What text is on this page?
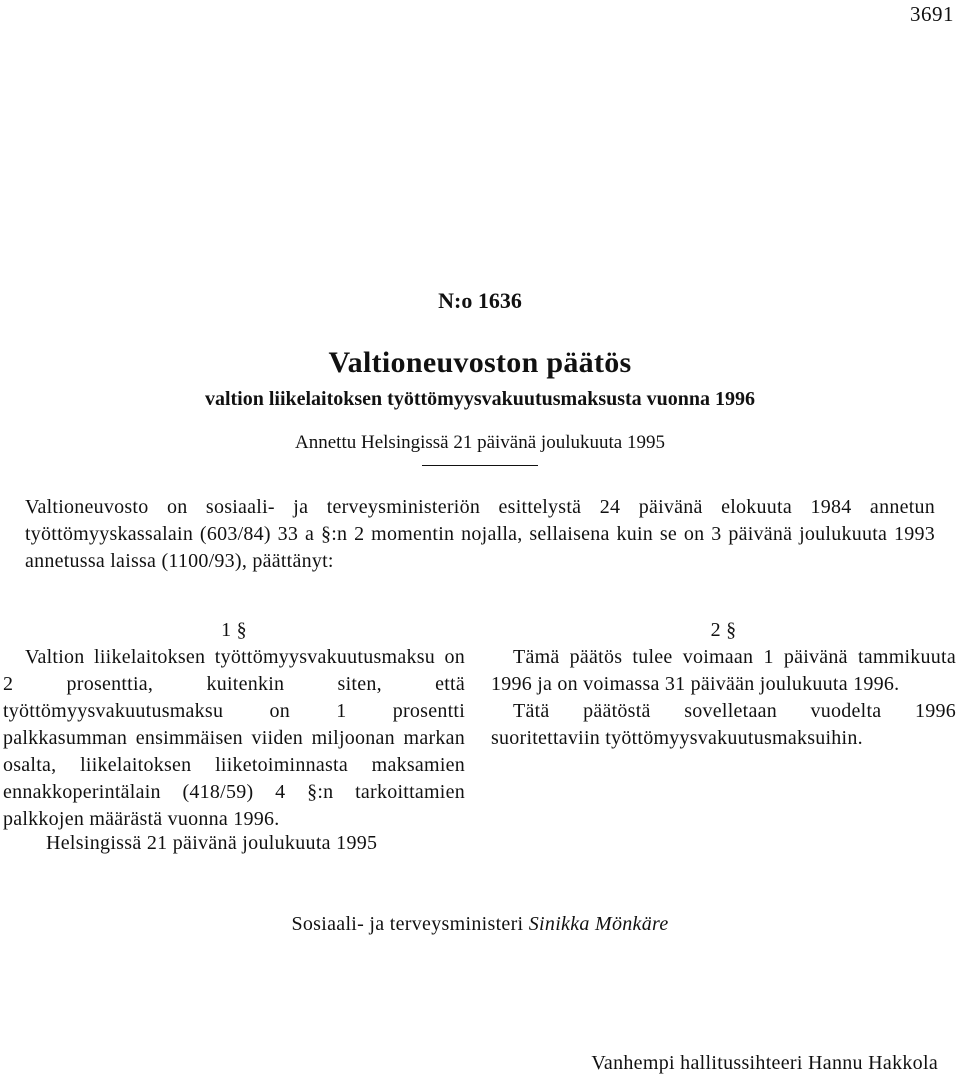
3691
N:o 1636
Valtioneuvoston päätös
valtion liikelaitoksen työttömyysvakuutusmaksusta vuonna 1996
Annettu Helsingissä 21 päivänä joulukuuta 1995
Valtioneuvosto on sosiaali- ja terveysministeriön esittelystä 24 päivänä elokuuta 1984 annetun työttömyyskassalain (603/84) 33 a §:n 2 momentin nojalla, sellaisena kuin se on 3 päivänä joulukuuta 1993 annetussa laissa (1100/93), päättänyt:
1 §

Valtion liikelaitoksen työttömyysvakuutusmaksu on 2 prosenttia, kuitenkin siten, että työttömyysvakuutusmaksu on 1 prosentti palkkasumman ensimmäisen viiden miljoonan markan osalta, liikelaitoksen liiketoiminnasta maksamien ennakkoperintälain (418/59) 4 §:n tarkoittamien palkkojen määrästä vuonna 1996.

2 §

Tämä päätös tulee voimaan 1 päivänä tammikuuta 1996 ja on voimassa 31 päivään joulukuuta 1996.

Tätä päätöstä sovelletaan vuodelta 1996 suoritettaviin työttömyysvakuutusmaksuihin.

Helsingissä 21 päivänä joulukuuta 1995
Sosiaali- ja terveysministeri Sinikka Mönkäre
Vanhempi hallitussihteeri Hannu Hakkola
